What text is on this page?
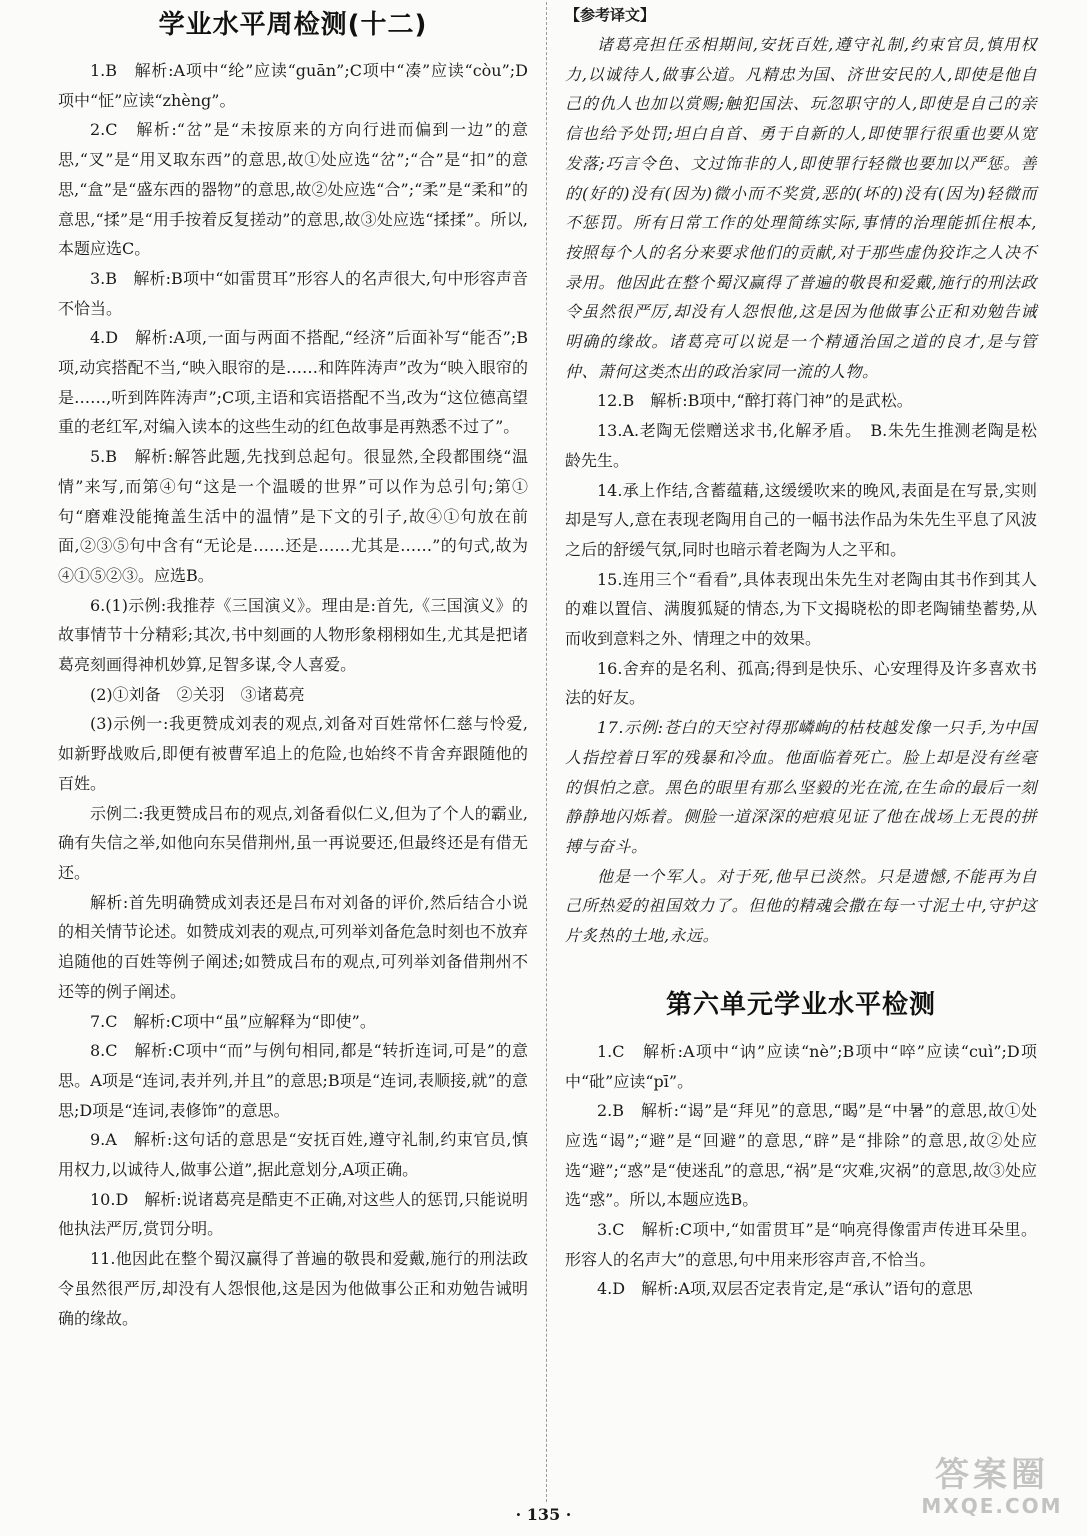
学业水平周检测(十二)

1.B　解析:A项中“纶”应读“guān”;C项中“凑”应读“còu”;D项中“怔”应读“zhèng”。

2.C　解析:“岔”是“未按原来的方向行进而偏到一边”的意思,“叉”是“用叉取东西”的意思,故①处应选“岔”;“合”是“扣”的意思,“盒”是“盛东西的器物”的意思,故②处应选“合”;“柔”是“柔和”的意思,“揉”是“用手按着反复搓动”的意思,故③处应选“揉揉”。所以,本题应选C。

3.B　解析:B项中“如雷贯耳”形容人的名声很大,句中形容声音不恰当。

4.D　解析:A项,一面与两面不搭配,“经济”后面补写“能否”;B项,动宾搭配不当,“映入眼帘的是……和阵阵涛声”改为“映入眼帘的是……,听到阵阵涛声”;C项,主语和宾语搭配不当,改为“这位德高望重的老红军,对编入读本的这些生动的红色故事是再熟悉不过了”。

5.B　解析:解答此题,先找到总起句。很显然,全段都围绕“温情”来写,而第④句“这是一个温暖的世界”可以作为总引句;第①句“磨难没能掩盖生活中的温情”是下文的引子,故④①句放在前面,②③⑤句中含有“无论是……还是……尤其是……”的句式,故为④①⑤②③。应选B。

6.(1)示例:我推荐《三国演义》。理由是:首先,《三国演义》的故事情节十分精彩;其次,书中刻画的人物形象栩栩如生,尤其是把诸葛亮刻画得神机妙算,足智多谋,令人喜爱。

(2)①刘备　②关羽　③诸葛亮

(3)示例一:我更赞成刘表的观点,刘备对百姓常怀仁慈与怜爱,如新野战败后,即便有被曹军追上的危险,也始终不肯舍弃跟随他的百姓。

示例二:我更赞成吕布的观点,刘备看似仁义,但为了个人的霸业,确有失信之举,如他向东吴借荆州,虽一再说要还,但最终还是有借无还。

解析:首先明确赞成刘表还是吕布对刘备的评价,然后结合小说的相关情节论述。如赞成刘表的观点,可列举刘备危急时刻也不放弃追随他的百姓等例子阐述;如赞成吕布的观点,可列举刘备借荆州不还等的例子阐述。

7.C　解析:C项中“虽”应解释为“即使”。

8.C　解析:C项中“而”与例句相同,都是“转折连词,可是”的意思。A项是“连词,表并列,并且”的意思;B项是“连词,表顺接,就”的意思;D项是“连词,表修饰”的意思。

9.A　解析:这句话的意思是“安抚百姓,遵守礼制,约束官员,慎用权力,以诚待人,做事公道”,据此意划分,A项正确。

10.D　解析:说诸葛亮是酷吏不正确,对这些人的惩罚,只能说明他执法严厉,赏罚分明。

11.他因此在整个蜀汉赢得了普遍的敬畏和爱戴,施行的刑法政令虽然很严厉,却没有人怨恨他,这是因为他做事公正和劝勉告诫明确的缘故。

【参考译文】

诸葛亮担任丞相期间,安抚百姓,遵守礼制,约束官员,慎用权力,以诚待人,做事公道。凡精忠为国、济世安民的人,即使是他自己的仇人也加以赏赐;触犯国法、玩忽职守的人,即使是自己的亲信也给予处罚;坦白自首、勇于自新的人,即使罪行很重也要从宽发落;巧言令色、文过饰非的人,即使罪行轻微也要加以严惩。善的(好的)没有(因为)微小而不奖赏,恶的(坏的)没有(因为)轻微而不惩罚。所有日常工作的处理简练实际,事情的治理能抓住根本,按照每个人的名分来要求他们的贡献,对于那些虚伪狡诈之人决不录用。他因此在整个蜀汉赢得了普遍的敬畏和爱戴,施行的刑法政令虽然很严厉,却没有人怨恨他,这是因为他做事公正和劝勉告诫明确的缘故。诸葛亮可以说是一个精通治国之道的良才,是与管仲、萧何这类杰出的政治家同一流的人物。

12.B　解析:B项中,“醉打蒋门神”的是武松。

13.A.老陶无偿赠送求书,化解矛盾。　B.朱先生推测老陶是松龄先生。

14.承上作结,含蓄蕴藉,这缓缓吹来的晚风,表面是在写景,实则却是写人,意在表现老陶用自己的一幅书法作品为朱先生平息了风波之后的舒缓气氛,同时也暗示着老陶为人之平和。

15.连用三个“看看”,具体表现出朱先生对老陶由其书作到其人的难以置信、满腹狐疑的情态,为下文揭晓松的即老陶铺垫蓄势,从而收到意料之外、情理之中的效果。

16.舍弃的是名利、孤高;得到是快乐、心安理得及许多喜欢书法的好友。

17.示例:苍白的天空衬得那嶙峋的枯枝越发像一只手,为中国人指控着日军的残暴和冷血。他面临着死亡。脸上却是没有丝毫的惧怕之意。黑色的眼里有那么坚毅的光在流,在生命的最后一刻静静地闪烁着。侧脸一道深深的疤痕见证了他在战场上无畏的拼搏与奋斗。

他是一个军人。对于死,他早已淡然。只是遗憾,不能再为自己所热爱的祖国效力了。但他的精魂会撒在每一寸泥土中,守护这片炙热的土地,永远。

第六单元学业水平检测

1.C　解析:A项中“讷”应读“nè”;B项中“啐”应读“cuì”;D项中“砒”应读“pī”。

2.B　解析:“谒”是“拜见”的意思,“暍”是“中暑”的意思,故①处应选“谒”;“避”是“回避”的意思,“辟”是“排除”的意思,故②处应选“避”;“惑”是“使迷乱”的意思,“祸”是“灾难,灾祸”的意思,故③处应选“惑”。所以,本题应选B。

3.C　解析:C项中,“如雷贯耳”是“响亮得像雷声传进耳朵里。形容人的名声大”的意思,句中用来形容声音,不恰当。

4.D　解析:A项,双层否定表肯定,是“承认”语句的意思

· 135 ·
答案圈
MXQE.COM
